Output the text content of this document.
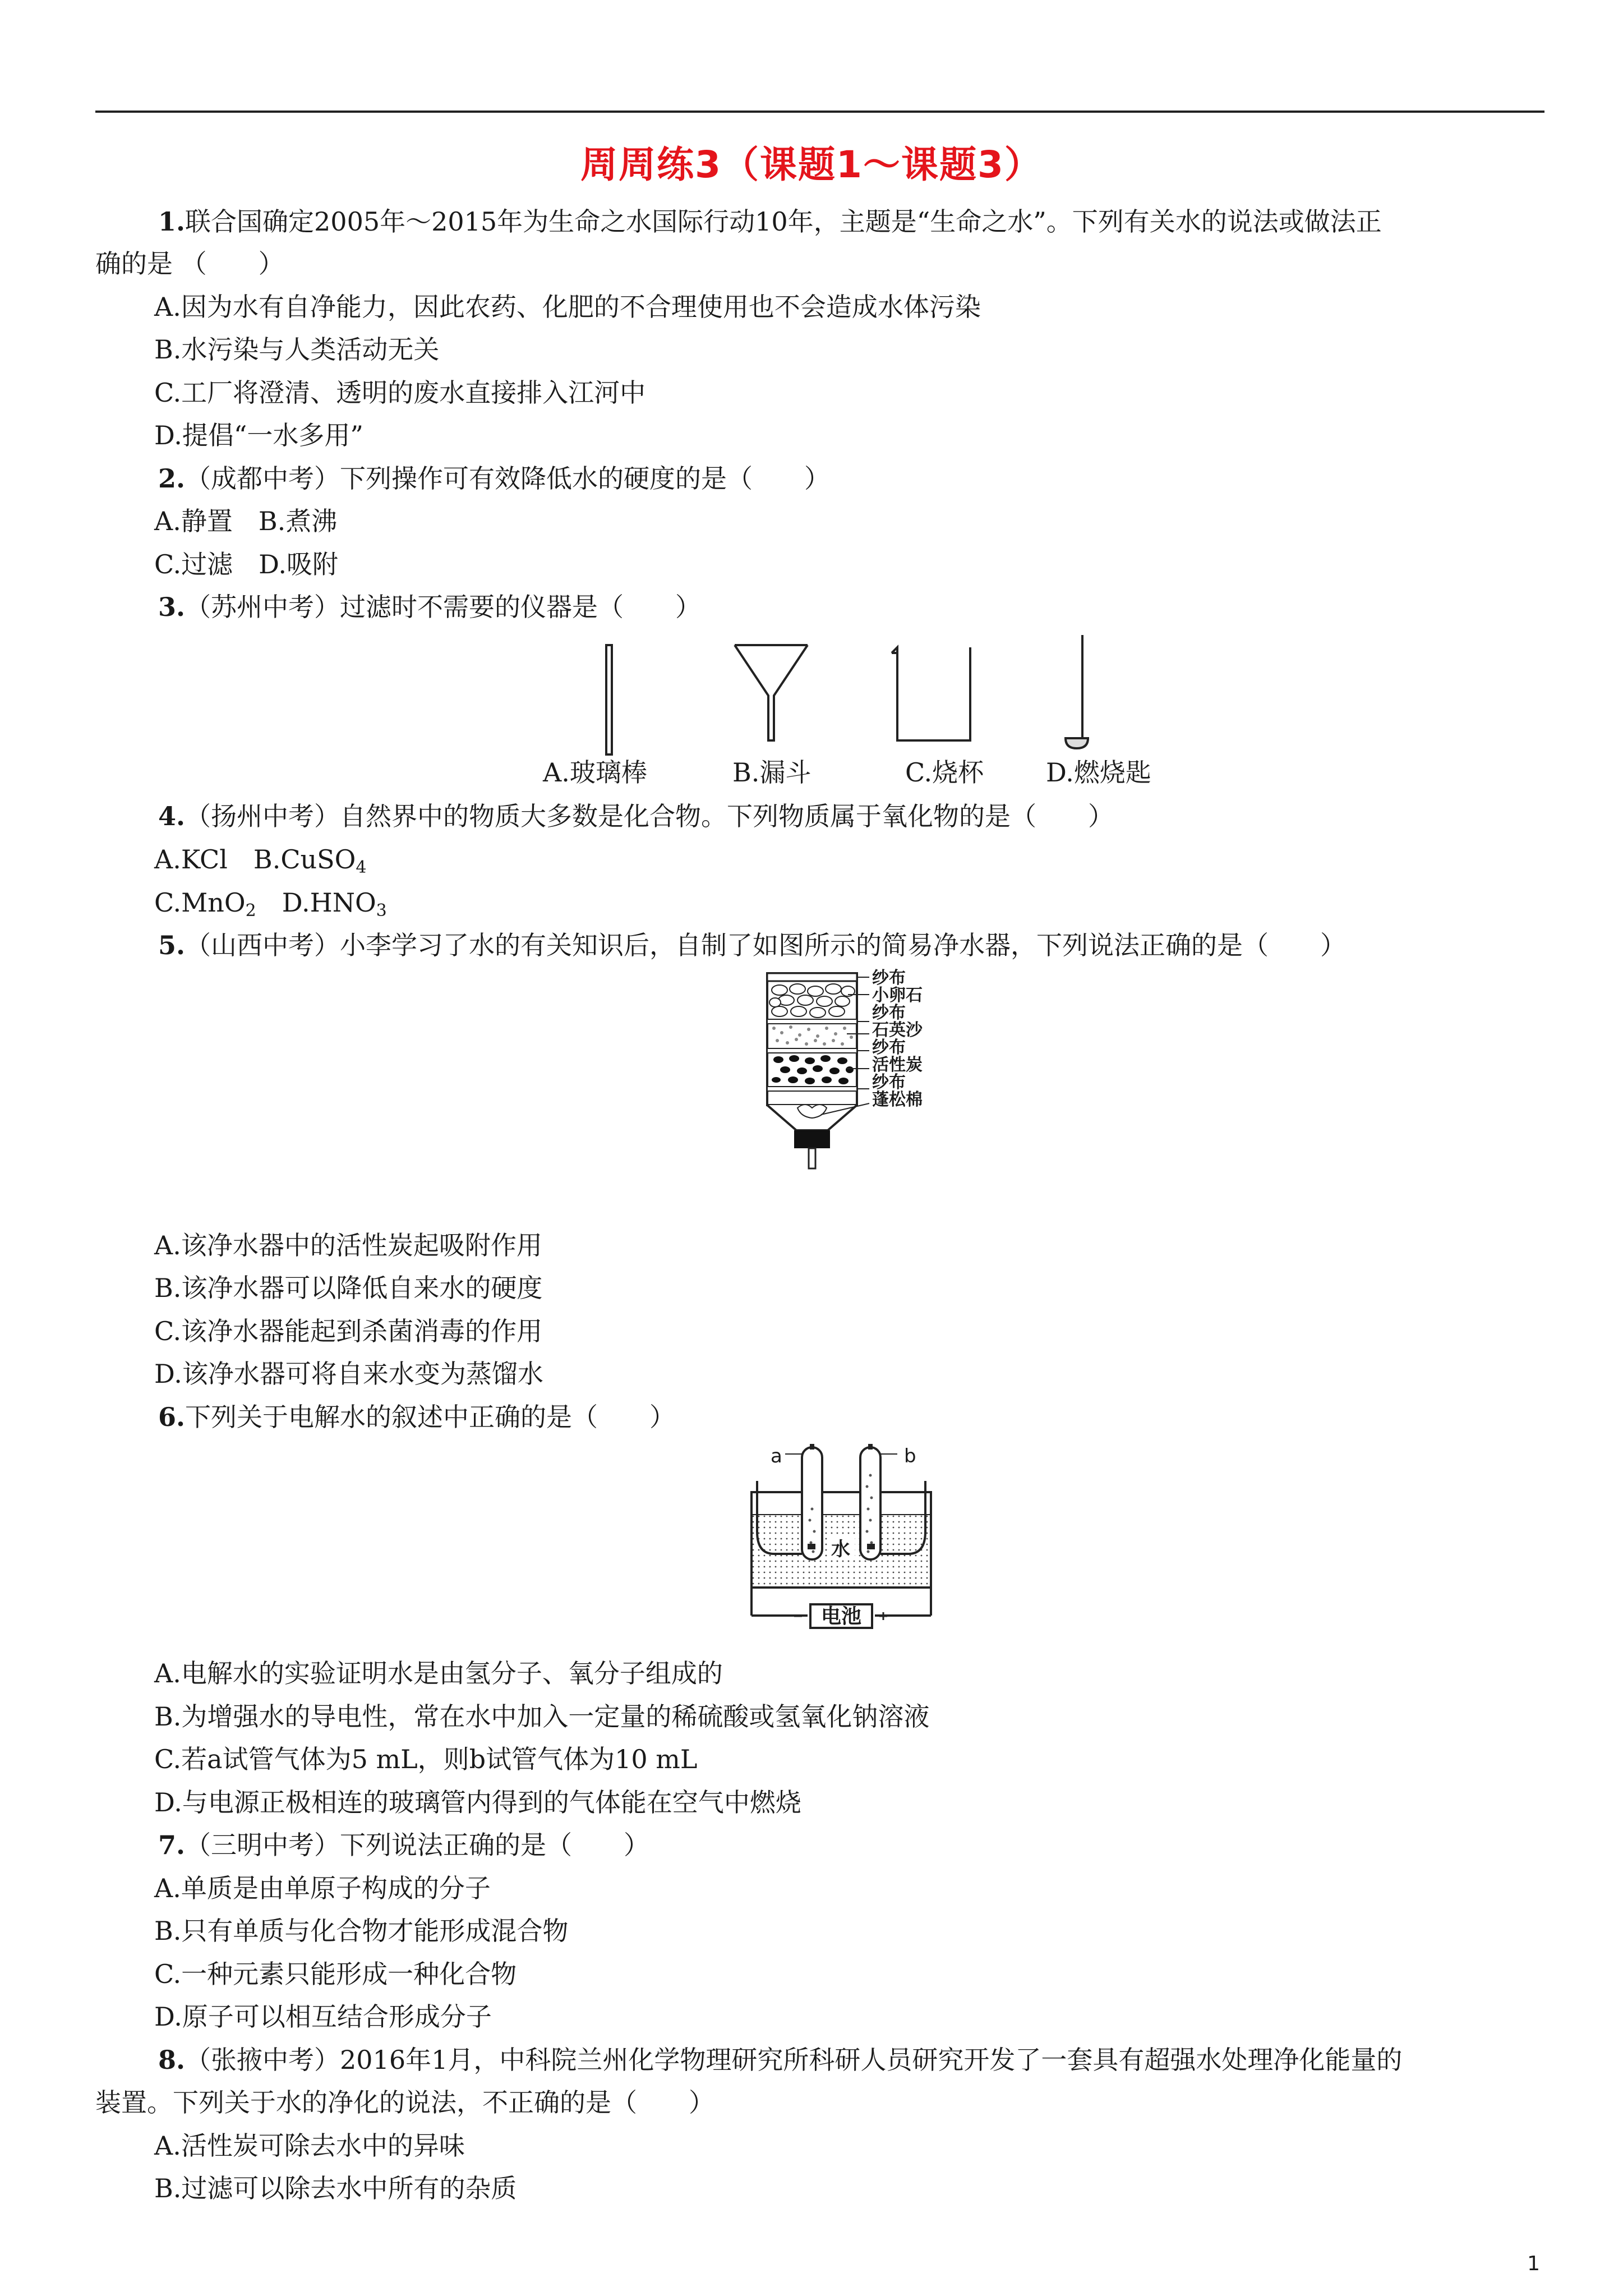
周周练3（课题1～课题3）
1.联合国确定2005年～2015年为生命之水国际行动10年，主题是“生命之水”。下列有关水的说法或做法正
确的是 （　　）
A.因为水有自净能力，因此农药、化肥的不合理使用也不会造成水体污染
B.水污染与人类活动无关
C.工厂将澄清、透明的废水直接排入江河中
D.提倡“一水多用”
2.（成都中考）下列操作可有效降低水的硬度的是（　　）
A.静置　B.煮沸
C.过滤　D.吸附
3.（苏州中考）过滤时不需要的仪器是（　　）
A.玻璃棒	B.漏斗	C.烧杯 D.燃烧匙
4.（扬州中考）自然界中的物质大多数是化合物。下列物质属于氧化物的是（　　）
A.KCl　 B.CuSO$_4$
C.MnO$_2$　 $D.HNO_3$
5.（山西中考）小李学习了水的有关知识后，自制了如图所示的简易净水器，下列说法正确的是（　　）
纱布
小卵石
纱布
石英沙
纱布
活性炭
纱布
蓬松棉
A.该净水器中的活性炭起吸附作用
B.该净水器可以降低自来水的硬度
C.该净水器能起到杀菌消毒的作用
D.该净水器可将自来水变为蒸馏水
6.下列关于电解水的叙述中正确的是（　　）
a	b
水
电池
A.电解水的实验证明水是由氢分子、氧分子组成的
B.为增强水的导电性，常在水中加入一定量的稀硫酸或氢氧化钠溶液
C.若a试管气体为5 mL，则b试管气体为10 mL
D.与电源正极相连的玻璃管内得到的气体能在空气中燃烧
7.（三明中考）下列说法正确的是（　　）
A.单质是由单原子构成的分子
B.只有单质与化合物才能形成混合物
C.一种元素只能形成一种化合物
D.原子可以相互结合形成分子
8.（张掖中考）2016年1月，中科院兰州化学物理研究所科研人员研究开发了一套具有超强水处理净化能量的
装置。下列关于水的净化的说法，不正确的是（　　）
A.活性炭可除去水中的异味
B.过滤可以除去水中所有的杂质
1
